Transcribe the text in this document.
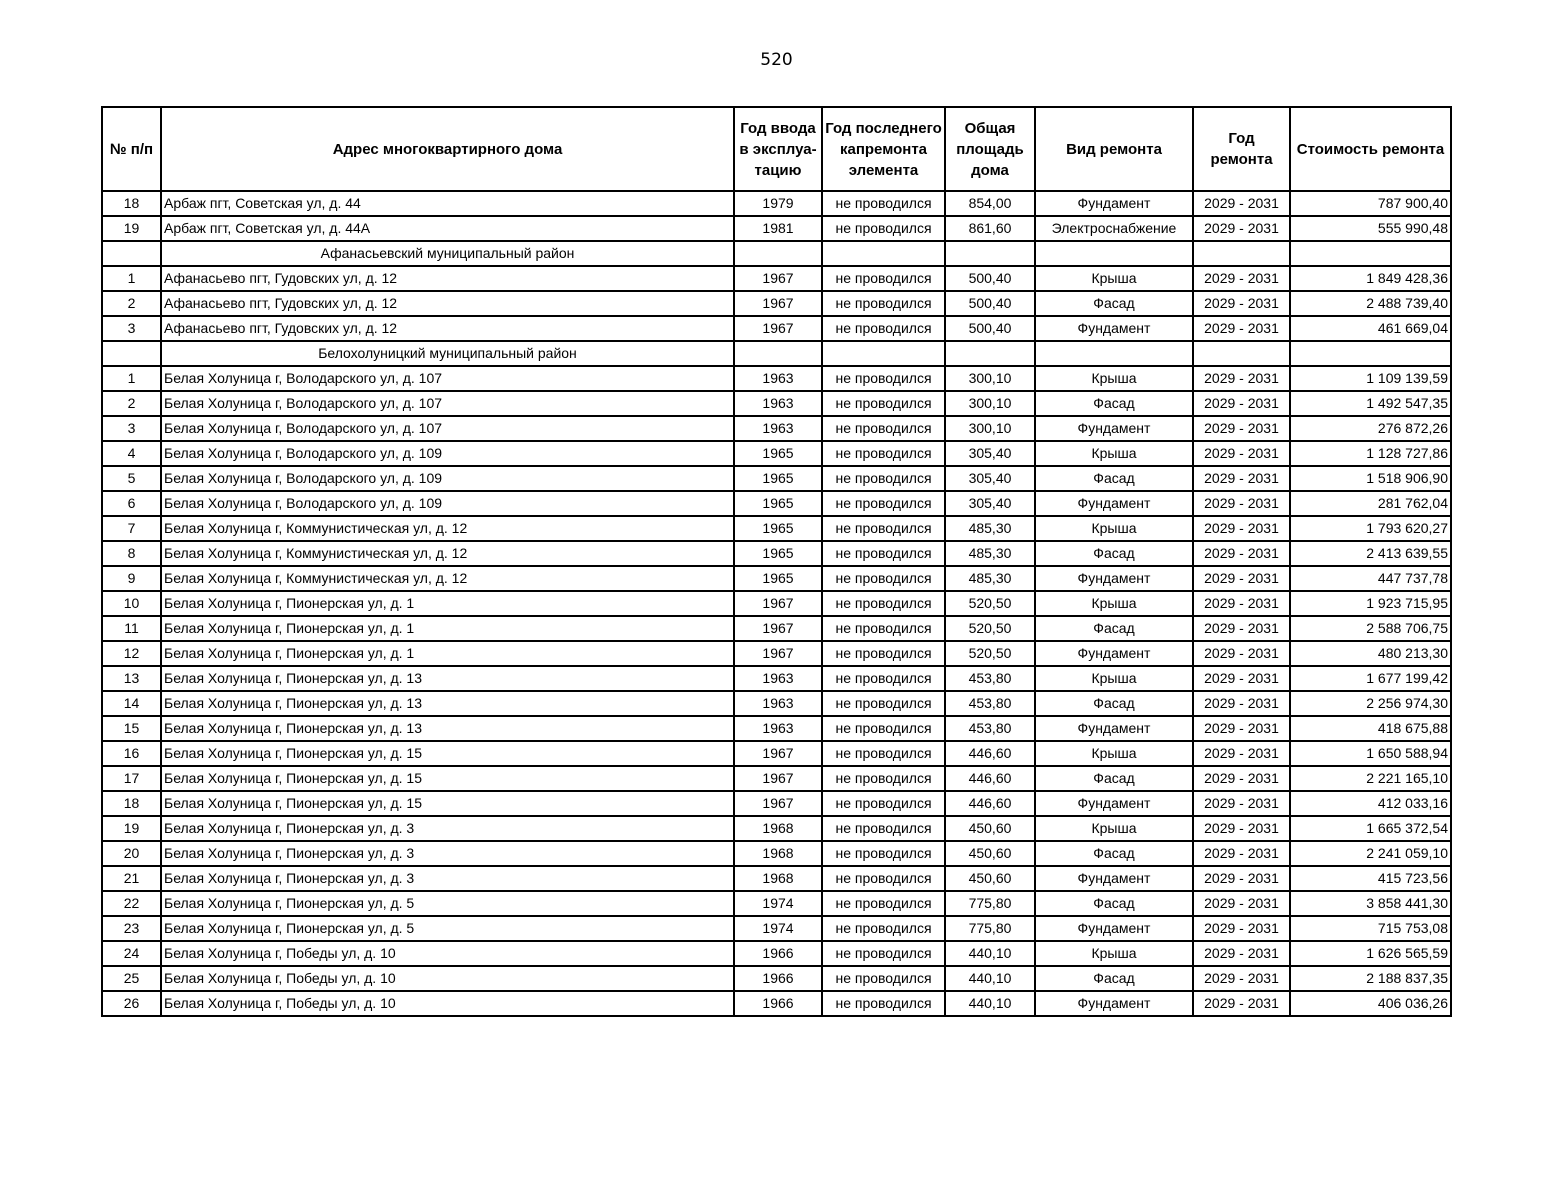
520
№ п/п	Адрес многоквартирного дома	Год ввода в эксплуа-тацию	Год последнего капремонта элемента	Общая площадь дома	Вид ремонта	Год ремонта	Стоимость ремонта
18	Арбаж пгт, Советская ул, д. 44	1979	не проводился	854,00	Фундамент	2029 - 2031	787 900,40
19	Арбаж пгт, Советская ул, д. 44А	1981	не проводился	861,60	Электроснабжение	2029 - 2031	555 990,48
	Афанасьевский муниципальный район						
1	Афанасьево пгт, Гудовских ул, д. 12	1967	не проводился	500,40	Крыша	2029 - 2031	1 849 428,36
2	Афанасьево пгт, Гудовских ул, д. 12	1967	не проводился	500,40	Фасад	2029 - 2031	2 488 739,40
3	Афанасьево пгт, Гудовских ул, д. 12	1967	не проводился	500,40	Фундамент	2029 - 2031	461 669,04
	Белохолуницкий муниципальный район						
1	Белая Холуница г, Володарского ул, д. 107	1963	не проводился	300,10	Крыша	2029 - 2031	1 109 139,59
2	Белая Холуница г, Володарского ул, д. 107	1963	не проводился	300,10	Фасад	2029 - 2031	1 492 547,35
3	Белая Холуница г, Володарского ул, д. 107	1963	не проводился	300,10	Фундамент	2029 - 2031	276 872,26
4	Белая Холуница г, Володарского ул, д. 109	1965	не проводился	305,40	Крыша	2029 - 2031	1 128 727,86
5	Белая Холуница г, Володарского ул, д. 109	1965	не проводился	305,40	Фасад	2029 - 2031	1 518 906,90
6	Белая Холуница г, Володарского ул, д. 109	1965	не проводился	305,40	Фундамент	2029 - 2031	281 762,04
7	Белая Холуница г, Коммунистическая ул, д. 12	1965	не проводился	485,30	Крыша	2029 - 2031	1 793 620,27
8	Белая Холуница г, Коммунистическая ул, д. 12	1965	не проводился	485,30	Фасад	2029 - 2031	2 413 639,55
9	Белая Холуница г, Коммунистическая ул, д. 12	1965	не проводился	485,30	Фундамент	2029 - 2031	447 737,78
10	Белая Холуница г, Пионерская ул, д. 1	1967	не проводился	520,50	Крыша	2029 - 2031	1 923 715,95
11	Белая Холуница г, Пионерская ул, д. 1	1967	не проводился	520,50	Фасад	2029 - 2031	2 588 706,75
12	Белая Холуница г, Пионерская ул, д. 1	1967	не проводился	520,50	Фундамент	2029 - 2031	480 213,30
13	Белая Холуница г, Пионерская ул, д. 13	1963	не проводился	453,80	Крыша	2029 - 2031	1 677 199,42
14	Белая Холуница г, Пионерская ул, д. 13	1963	не проводился	453,80	Фасад	2029 - 2031	2 256 974,30
15	Белая Холуница г, Пионерская ул, д. 13	1963	не проводился	453,80	Фундамент	2029 - 2031	418 675,88
16	Белая Холуница г, Пионерская ул, д. 15	1967	не проводился	446,60	Крыша	2029 - 2031	1 650 588,94
17	Белая Холуница г, Пионерская ул, д. 15	1967	не проводился	446,60	Фасад	2029 - 2031	2 221 165,10
18	Белая Холуница г, Пионерская ул, д. 15	1967	не проводился	446,60	Фундамент	2029 - 2031	412 033,16
19	Белая Холуница г, Пионерская ул, д. 3	1968	не проводился	450,60	Крыша	2029 - 2031	1 665 372,54
20	Белая Холуница г, Пионерская ул, д. 3	1968	не проводился	450,60	Фасад	2029 - 2031	2 241 059,10
21	Белая Холуница г, Пионерская ул, д. 3	1968	не проводился	450,60	Фундамент	2029 - 2031	415 723,56
22	Белая Холуница г, Пионерская ул, д. 5	1974	не проводился	775,80	Фасад	2029 - 2031	3 858 441,30
23	Белая Холуница г, Пионерская ул, д. 5	1974	не проводился	775,80	Фундамент	2029 - 2031	715 753,08
24	Белая Холуница г, Победы ул, д. 10	1966	не проводился	440,10	Крыша	2029 - 2031	1 626 565,59
25	Белая Холуница г, Победы ул, д. 10	1966	не проводился	440,10	Фасад	2029 - 2031	2 188 837,35
26	Белая Холуница г, Победы ул, д. 10	1966	не проводился	440,10	Фундамент	2029 - 2031	406 036,26
